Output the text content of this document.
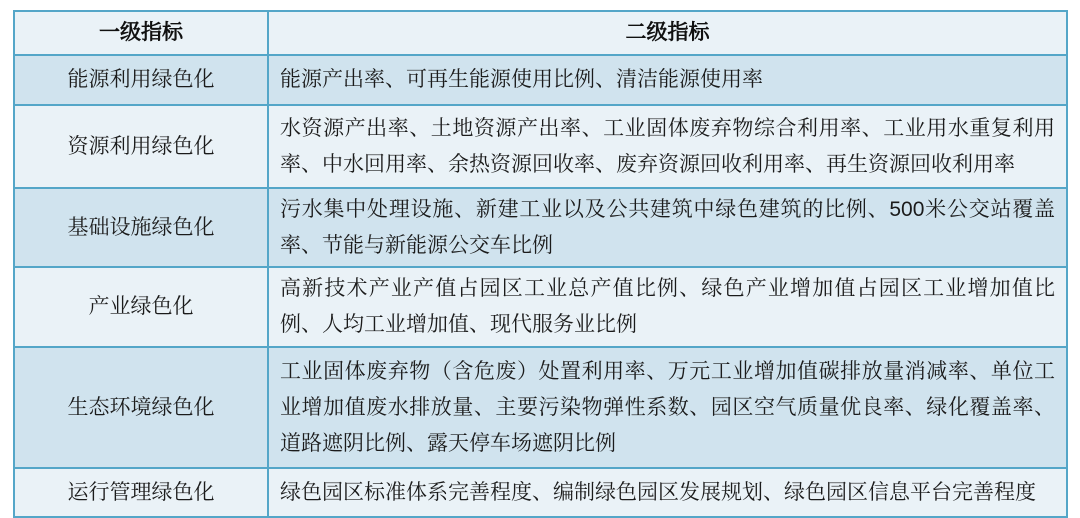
一级指标	二级指标
能源利用绿色化	能源产出率、可再生能源使用比例、清洁能源使用率
资源利用绿色化	水资源产出率、土地资源产出率、工业固体废弃物综合利用率、工业用水重复利用率、中水回用率、余热资源回收率、废弃资源回收利用率、再生资源回收利用率
基础设施绿色化	污水集中处理设施、新建工业以及公共建筑中绿色建筑的比例、500米公交站覆盖率、节能与新能源公交车比例
产业绿色化	高新技术产业产值占园区工业总产值比例、绿色产业增加值占园区工业增加值比例、人均工业增加值、现代服务业比例
生态环境绿色化	工业固体废弃物（含危废）处置利用率、万元工业增加值碳排放量消减率、单位工业增加值废水排放量、主要污染物弹性系数、园区空气质量优良率、绿化覆盖率、道路遮阴比例、露天停车场遮阴比例
运行管理绿色化	绿色园区标准体系完善程度、编制绿色园区发展规划、绿色园区信息平台完善程度
